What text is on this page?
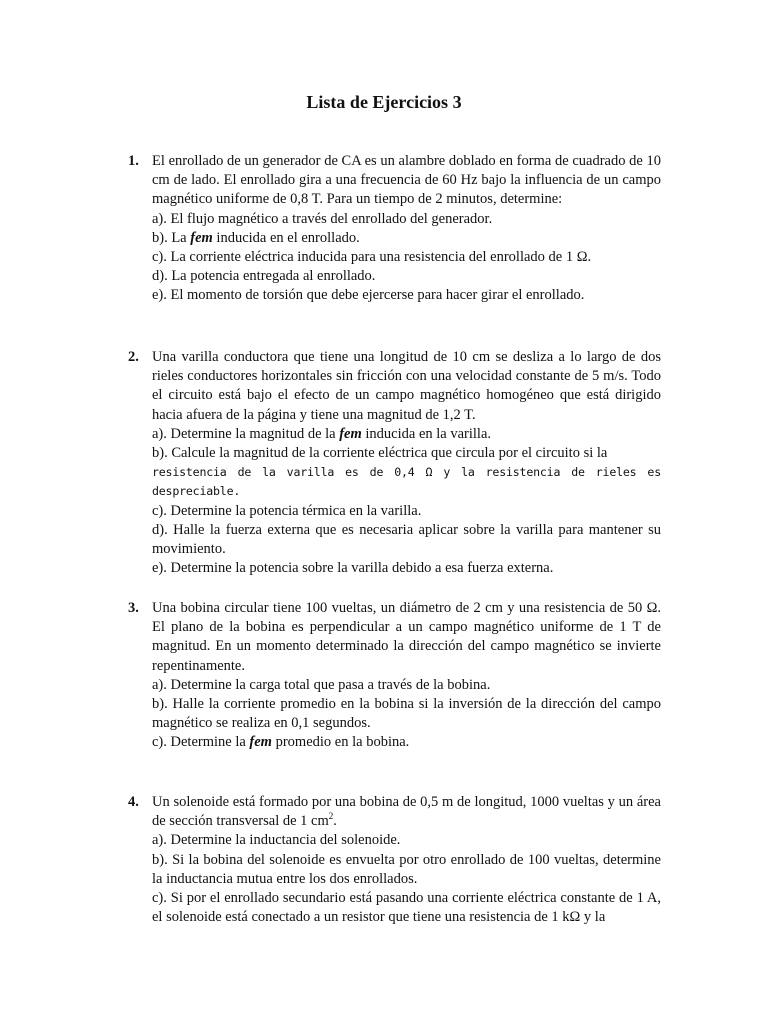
Lista de Ejercicios 3
1. El enrollado de un generador de CA es un alambre doblado en forma de cuadrado de 10 cm de lado. El enrollado gira a una frecuencia de 60 Hz bajo la influencia de un campo magnético uniforme de 0,8 T. Para un tiempo de 2 minutos, determine:

a). El flujo magnético a través del enrollado del generador.
b). La fem inducida en el enrollado.
c). La corriente eléctrica inducida para una resistencia del enrollado de 1 Ω.
d). La potencia entregada al enrollado.
e). El momento de torsión que debe ejercerse para hacer girar el enrollado.
2. Una varilla conductora que tiene una longitud de 10 cm se desliza a lo largo de dos rieles conductores horizontales sin fricción con una velocidad constante de 5 m/s. Todo el circuito está bajo el efecto de un campo magnético homogéneo que está dirigido hacia afuera de la página y tiene una magnitud de 1,2 T.

a). Determine la magnitud de la fem inducida en la varilla.
b). Calcule la magnitud de la corriente eléctrica que circula por el circuito si la
resistencia de la varilla es de 0,4 Ω y la resistencia de rieles es despreciable.
c). Determine la potencia térmica en la varilla.
d). Halle la fuerza externa que es necesaria aplicar sobre la varilla para mantener su movimiento.
e). Determine la potencia sobre la varilla debido a esa fuerza externa.
3. Una bobina circular tiene 100 vueltas, un diámetro de 2 cm y una resistencia de 50 Ω. El plano de la bobina es perpendicular a un campo magnético uniforme de 1 T de magnitud. En un momento determinado la dirección del campo magnético se invierte repentinamente.

a). Determine la carga total que pasa a través de la bobina.
b). Halle la corriente promedio en la bobina si la inversión de la dirección del campo magnético se realiza en 0,1 segundos.
c). Determine la fem promedio en la bobina.
4. Un solenoide está formado por una bobina de 0,5 m de longitud, 1000 vueltas y un área de sección transversal de 1 $cm^2$.

a). Determine la inductancia del solenoide.
b). Si la bobina del solenoide es envuelta por otro enrollado de 100 vueltas, determine la inductancia mutua entre los dos enrollados.
c). Si por el enrollado secundario está pasando una corriente eléctrica constante de 1 A, el solenoide está conectado a un resistor que tiene una resistencia de 1 kΩ y la
